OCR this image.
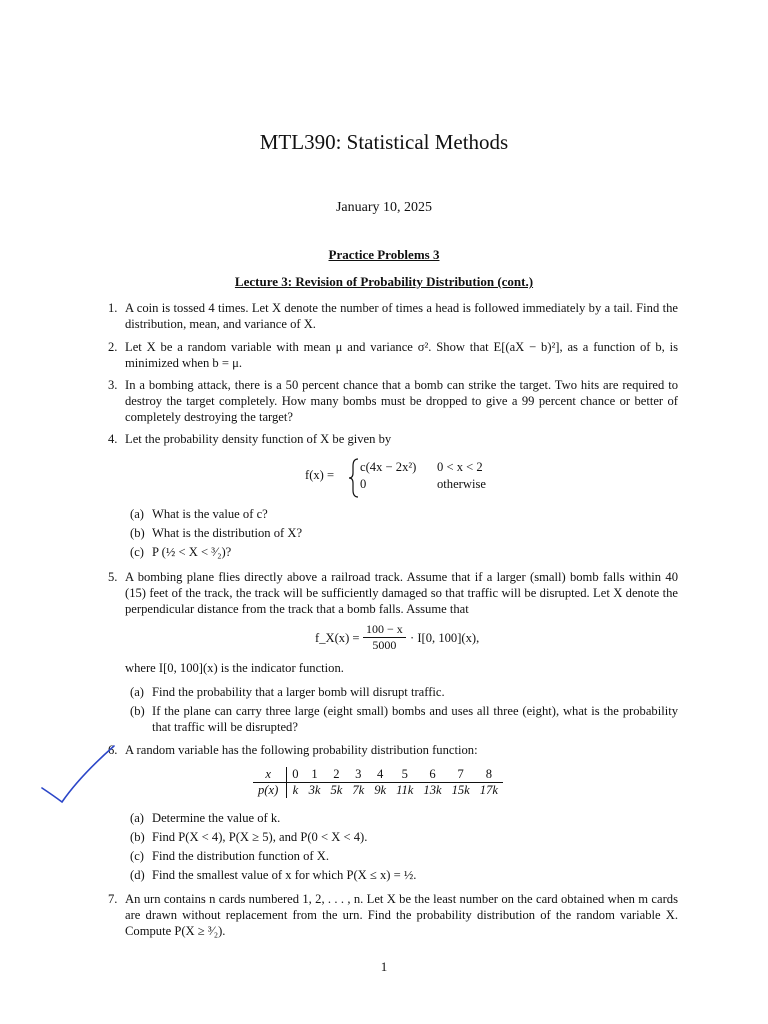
MTL390: Statistical Methods
January 10, 2025
Practice Problems 3
Lecture 3: Revision of Probability Distribution (cont.)
1. A coin is tossed 4 times. Let X denote the number of times a head is followed immediately by a tail. Find the distribution, mean, and variance of X.
2. Let X be a random variable with mean μ and variance σ². Show that E[(aX − b)²], as a function of b, is minimized when b = μ.
3. In a bombing attack, there is a 50 percent chance that a bomb can strike the target. Two hits are required to destroy the target completely. How many bombs must be dropped to give a 99 percent chance or better of completely destroying the target?
4. Let the probability density function of X be given by
f(x) =
c(4x − 2x²) 0 < x < 2
0	otherwise
(a) What is the value of c?
(b) What is the distribution of X?
(c) P (½ < X < ³⁄₂)?
5. A bombing plane flies directly above a railroad track. Assume that if a larger (small) bomb falls within 40 (15) feet of the track, the track will be sufficiently damaged so that traffic will be disrupted. Let X denote the perpendicular distance from the track that a bomb falls. Assume that
f_X(x) = $\frac{100 - x}{5000} \cdot I[0$, 100](x),
where I[0, 100](x) is the indicator function.
(a) Find the probability that a larger bomb will disrupt traffic.
(b) If the plane can carry three large (eight small) bombs and uses all three (eight), what is the probability that traffic will be disrupted?
6. A random variable has the following probability distribution function:
x	0	1	2	3	4	5	6	7	8
p(x)	k	3k	5k	7k	9k	11k	13k	15k	17k
(a) Determine the value of k.
(b) Find P(X < 4), P(X ≥ 5), and P(0 < X < 4).
(c) Find the distribution function of X.
(d) Find the smallest value of x for which P(X ≤ x) = ½.
7. An urn contains n cards numbered 1, 2, . . . , n. Let X be the least number on the card obtained when m cards are drawn without replacement from the urn. Find the probability distribution of the random variable X. Compute P(X ≥ ³⁄₂).
1
